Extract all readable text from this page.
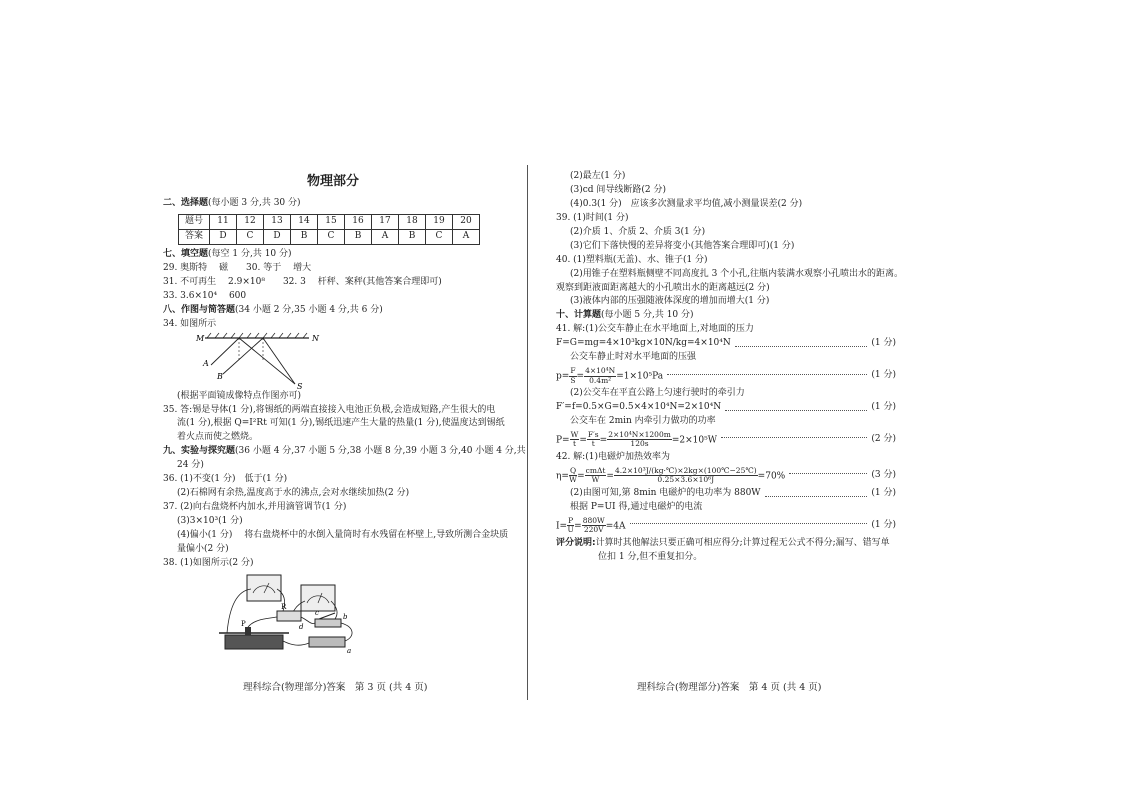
物理部分
二、选择题(每小题 3 分,共 30 分)
题号	11	12	13	14	15	16	17	18	19	20
答案	D	C	D	B	C	B	A	B	C	A
七、填空题(每空 1 分,共 10 分)
29. 奥斯特　 磁　　30. 等于　 增大
31. 不可再生　 2.9×10⁸　　32. 3　 杆秤、案秤(其他答案合理即可)
33. 3.6×10⁴　 600
八、作图与简答题(34 小题 2 分,35 小题 4 分,共 6 分)
34. 如图所示
M	N
A
B
S
(根据平面镜成像特点作图亦可)
35. 答:锡是导体(1 分),将锡纸的两端直接接入电池正负极,会造成短路,产生很大的电
流(1 分),根据 Q=I²Rt 可知(1 分),锡纸迅速产生大量的热量(1 分),使温度达到锡纸
着火点而使之燃烧。
九、实验与探究题(36 小题 4 分,37 小题 5 分,38 小题 8 分,39 小题 3 分,40 小题 4 分,共
24 分)
36. (1)不变(1 分)　低于(1 分)
(2)石棉网有余热,温度高于水的沸点,会对水继续加热(2 分)
37. (2)向右盘烧杯内加水,并用滴管调节(1 分)
(3)3×10³(1 分)
(4)偏小(1 分)　 将右盘烧杯中的水倒入量筒时有水残留在杯壁上,导致所测合金块质
量偏小(2 分)
38. (1)如图所示(2 分)
P
R
c
d
a
b
理科综合(物理部分)答案　第 3 页 (共 4 页)
(2)最左(1 分)
(3)cd 间导线断路(2 分)
(4)0.3(1 分)　应该多次测量求平均值,减小测量误差(2 分)
39. (1)时间(1 分)
(2)介质 1、介质 2、介质 3(1 分)
(3)它们下落快慢的差异将变小(其他答案合理即可)(1 分)
40. (1)塑料瓶(无盖)、水、锥子(1 分)
(2)用锥子在塑料瓶侧壁不同高度扎 3 个小孔,往瓶内装满水观察小孔喷出水的距离。
观察到距液面距离越大的小孔喷出水的距离越远(2 分)
(3)液体内部的压强随液体深度的增加而增大(1 分)
十、计算题(每小题 5 分,共 10 分)
41. 解:(1)公交车静止在水平地面上,对地面的压力
F=G=mg=4×10³kg×10N/kg=4×10⁴N	(1 分)
公交车静止时对水平地面的压强
$p= \frac{F}{S} = \frac{\text{4×10⁴N}}{\text{0.4m²}} =1\times 10^5Pa$	(1 分)
(2)公交车在平直公路上匀速行驶时的牵引力
F′=f=0.5×G=0.5×4×10⁴N=2×10⁴N	(1 分)
公交车在 2min 内牵引力做功的功率
$P= \frac{W}{t} = \frac{F's}{t} = \frac{\text{2×10⁴N×1200m}}{120s} =2\times 10^5W$	(2 分)
42. 解:(1)电磁炉加热效率为
$\eta= \frac{Q}{W} = \frac{\text{cmΔt}}{W} = \frac{\text{4.2×10³J/(kg·℃)×2kg×(100℃−25℃)}}{\text{0.25×3.6×10⁶J}} =70\%$	(3 分)
(2)由图可知,第 8min 电磁炉的电功率为 880W	(1 分)
根据 P=UI 得,通过电磁炉的电流
$I= \frac{P}{U} = \frac{880W}{220V} =4A$	(1 分)
评分说明:计算时其他解法只要正确可相应得分;计算过程无公式不得分;漏写、错写单
位扣 1 分,但不重复扣分。
理科综合(物理部分)答案　第 4 页 (共 4 页)
